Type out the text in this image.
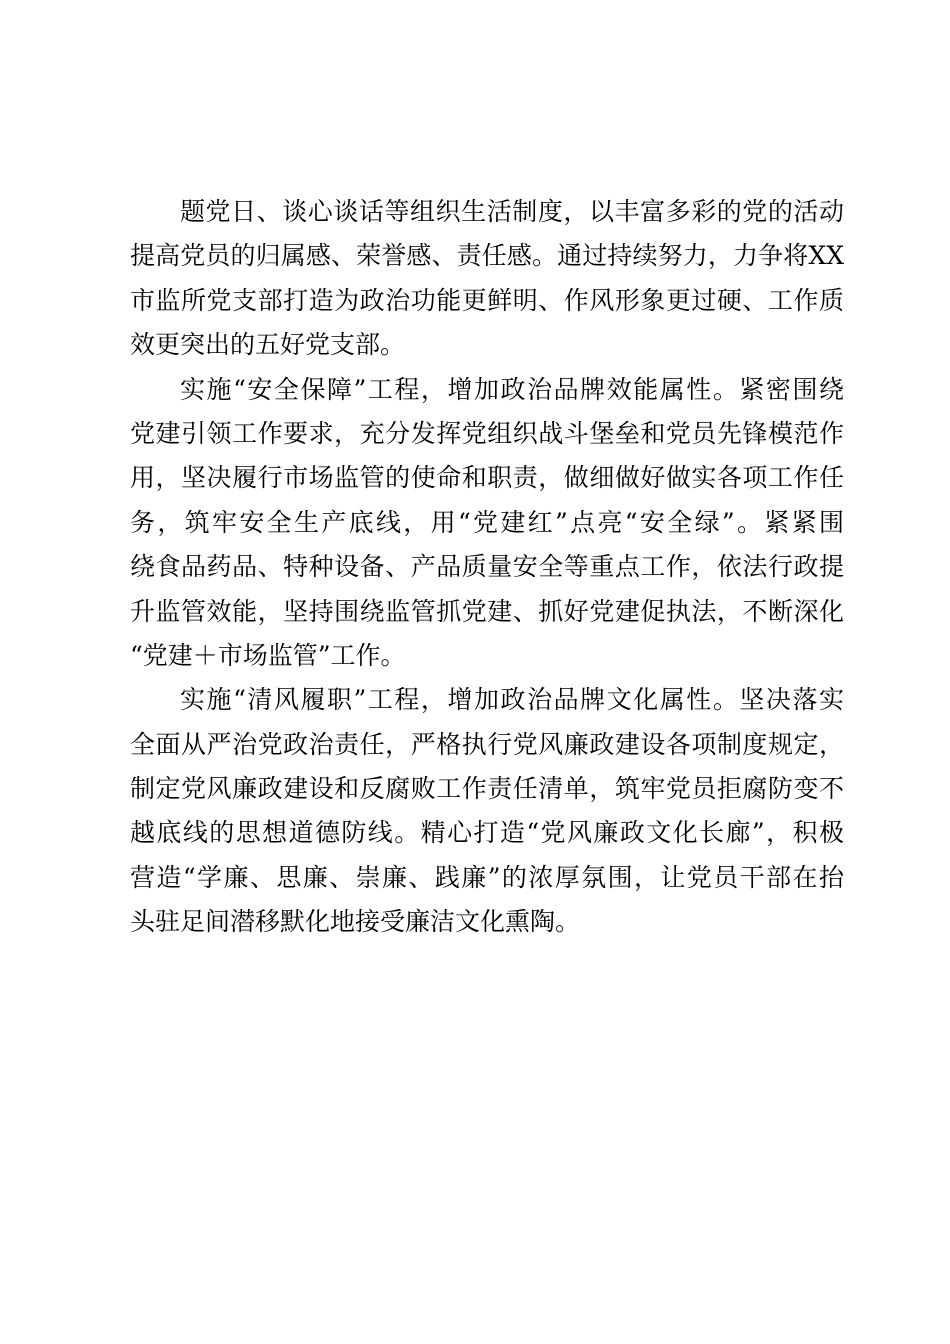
题党日、谈心谈话等组织生活制度，以丰富多彩的党的活动
提高党员的归属感、荣誉感、责任感。通过持续努力，力争将XX
市监所党支部打造为政治功能更鲜明、作风形象更过硬、工作质
效更突出的五好党支部。
实施“安全保障”工程，增加政治品牌效能属性。紧密围绕
党建引领工作要求，充分发挥党组织战斗堡垒和党员先锋模范作
用，坚决履行市场监管的使命和职责，做细做好做实各项工作任
务，筑牢安全生产底线，用“党建红”点亮“安全绿”。紧紧围
绕食品药品、特种设备、产品质量安全等重点工作，依法行政提
升监管效能，坚持围绕监管抓党建、抓好党建促执法，不断深化
“党建＋市场监管”工作。
实施“清风履职”工程，增加政治品牌文化属性。坚决落实
全面从严治党政治责任，严格执行党风廉政建设各项制度规定，
制定党风廉政建设和反腐败工作责任清单，筑牢党员拒腐防变不
越底线的思想道德防线。精心打造“党风廉政文化长廊”，积极
营造“学廉、思廉、崇廉、践廉”的浓厚氛围，让党员干部在抬
头驻足间潜移默化地接受廉洁文化熏陶。
